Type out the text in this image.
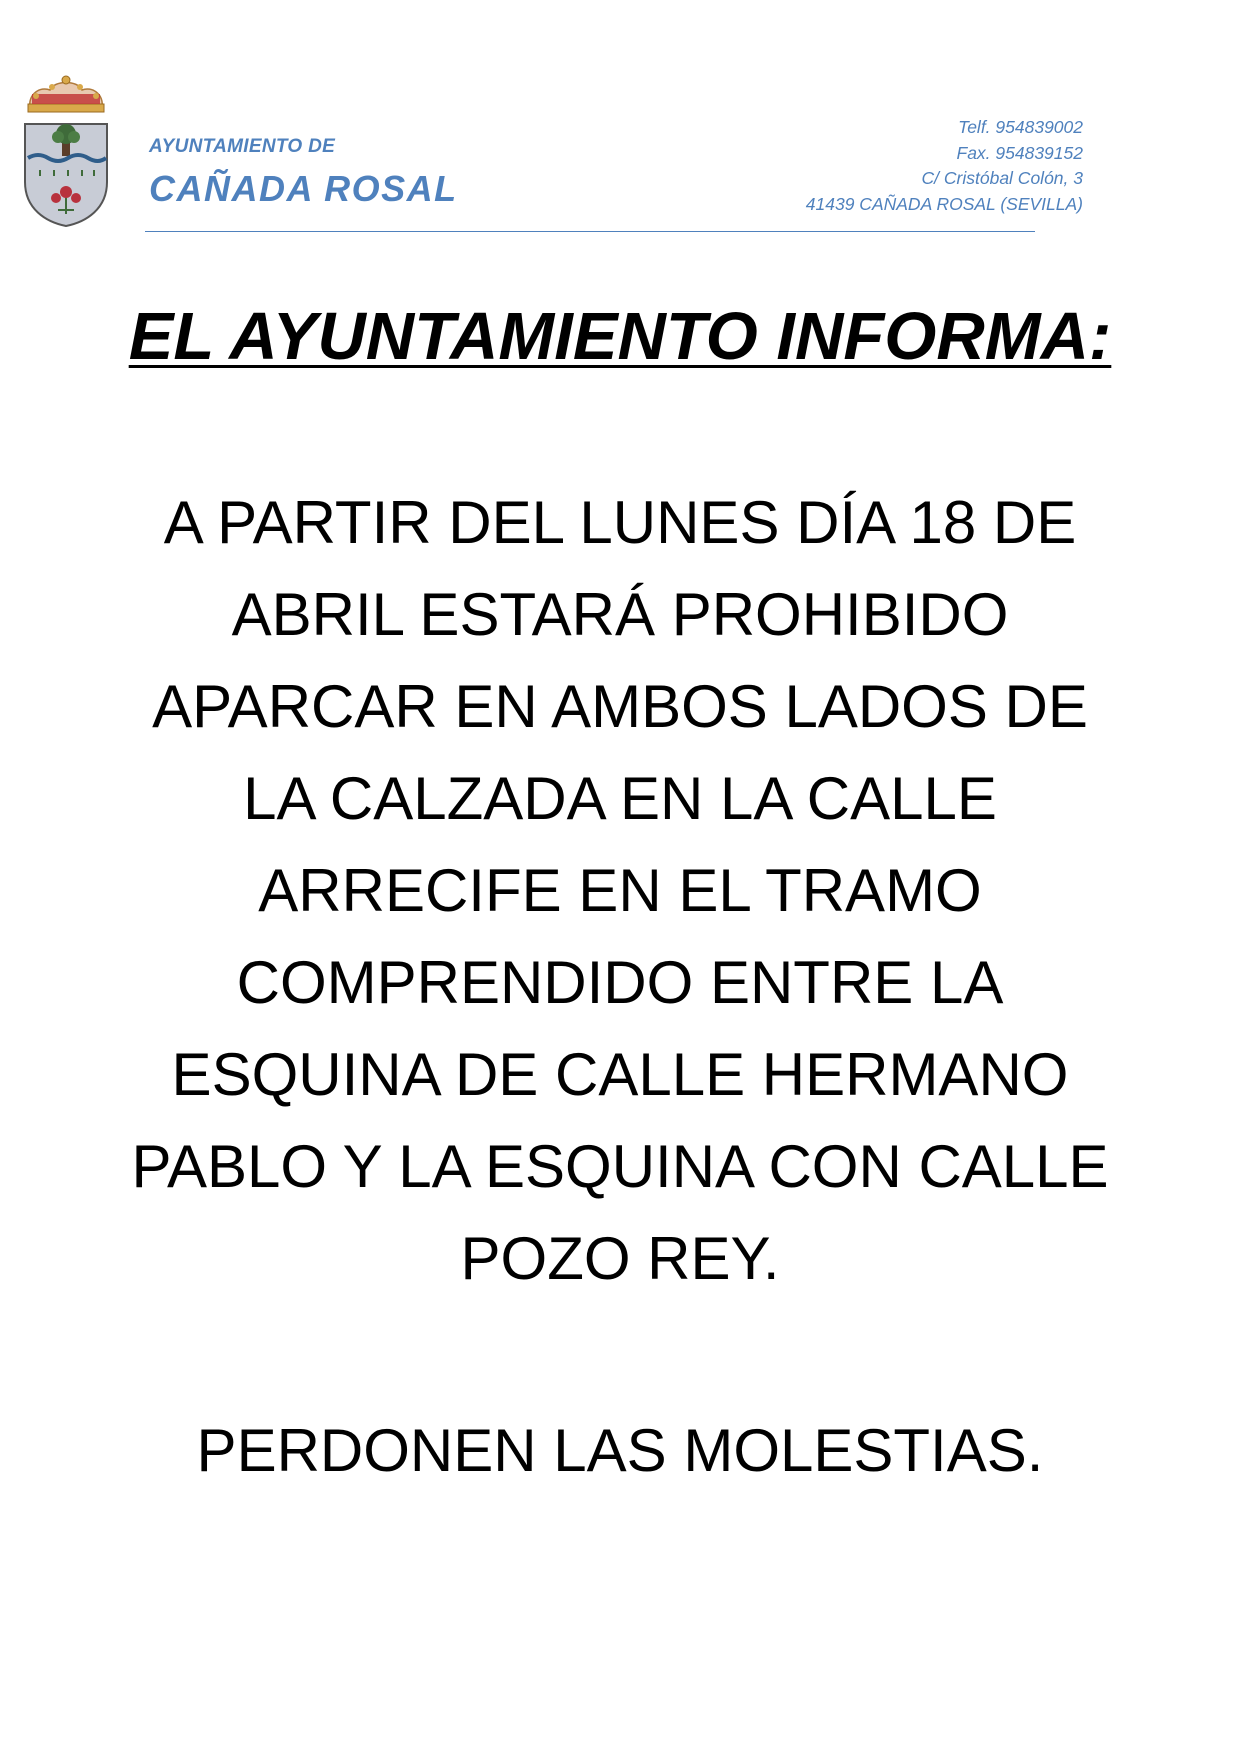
AYUNTAMIENTO DE
CAÑADA ROSAL
Telf. 954839002
Fax. 954839152
C/ Cristóbal Colón, 3
41439 CAÑADA ROSAL (SEVILLA)
EL AYUNTAMIENTO INFORMA:
A PARTIR DEL LUNES DÍA 18 DE
ABRIL ESTARÁ PROHIBIDO
APARCAR EN AMBOS LADOS DE
LA CALZADA EN LA CALLE
ARRECIFE EN EL TRAMO
COMPRENDIDO ENTRE LA
ESQUINA DE CALLE HERMANO
PABLO Y LA ESQUINA CON CALLE
POZO REY.
PERDONEN LAS MOLESTIAS.
